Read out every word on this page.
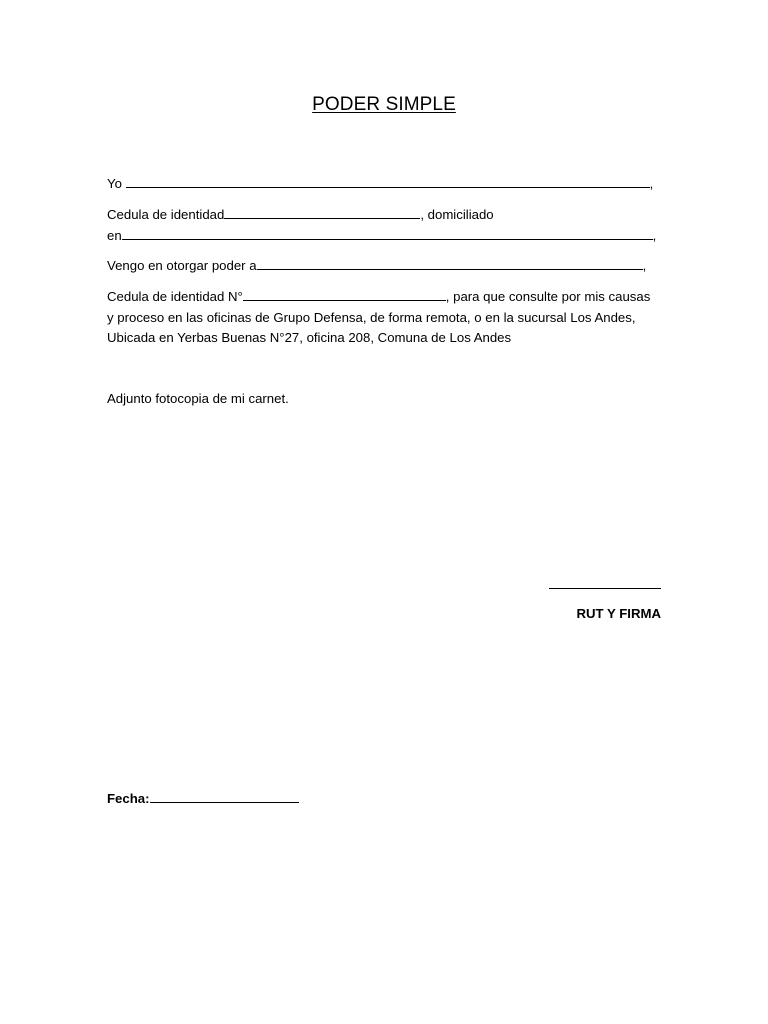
PODER SIMPLE
Yo	,
Cedula de identidad	, domiciliado
en	,
Vengo en otorgar poder a	,
Cedula de identidad N°	, para que consulte por mis causas
y proceso en las oficinas de Grupo Defensa, de forma remota, o en la sucursal Los Andes,
Ubicada en Yerbas Buenas N°27, oficina 208, Comuna de Los Andes
Adjunto fotocopia de mi carnet.
RUT Y FIRMA
Fecha:
